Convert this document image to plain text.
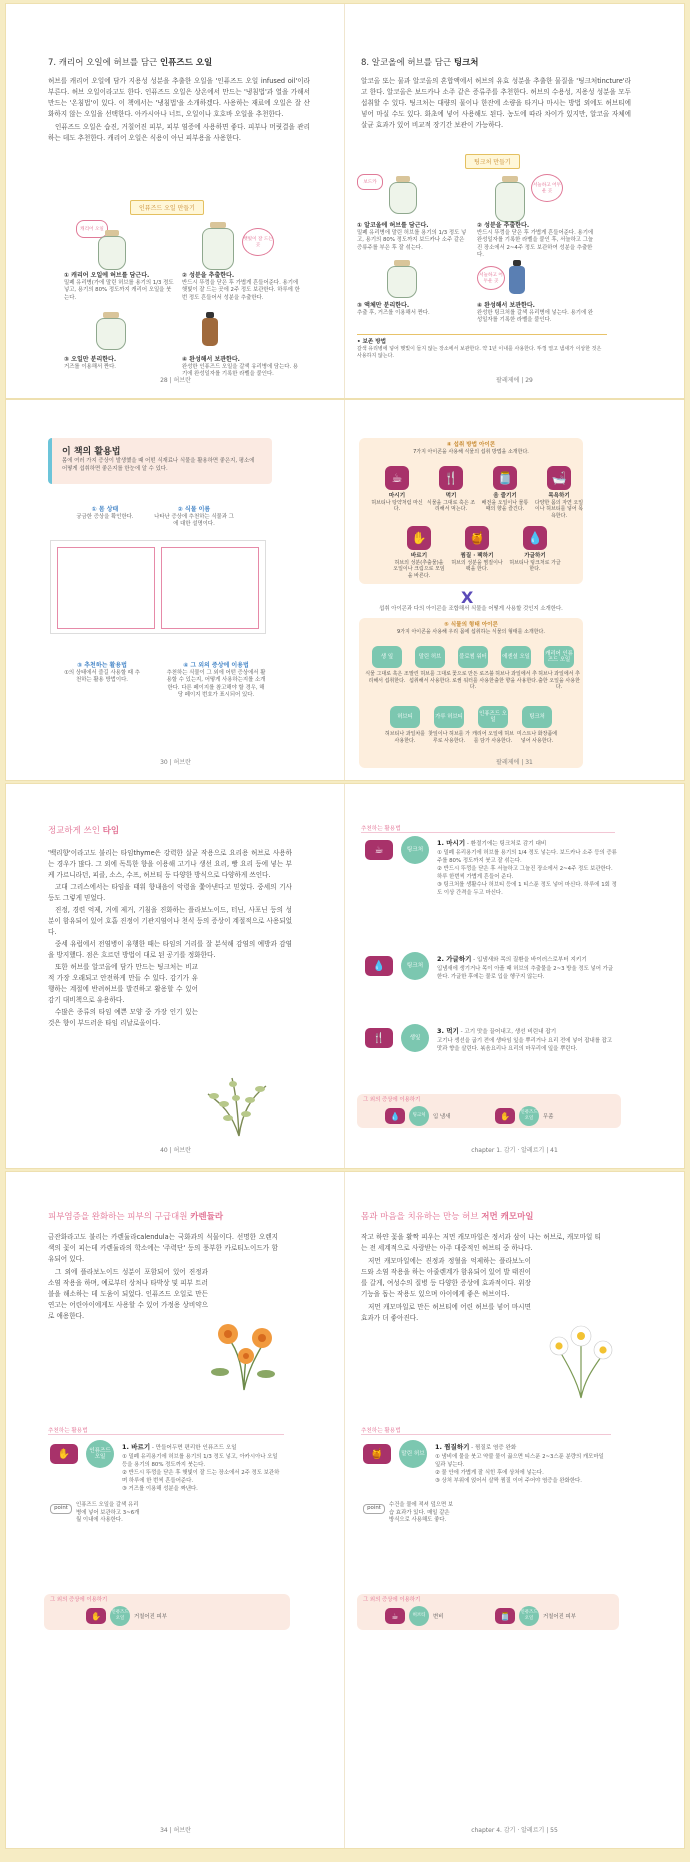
7. 캐리어 오일에 허브를 담근 인퓨즈드 오일

허브를 캐리어 오일에 담가 지용성 성분을 추출한 오일을 '인퓨즈드 오일 infused oil'이라 부른다. 허브 오일이라고도 한다. 인퓨즈드 오일은 상온에서 만드는 '냉침법'과 열을 가해서 만드는 '온침법'이 있다. 이 책에서는 '냉침법'을 소개하겠다. 사용하는 재료에 오일은 잘 산화하지 않는 오일을 선택한다. 아카시아나 너트, 오일이나 호호바 오일을 추천한다.

인퓨즈드 오일은 습진, 거칠어진 피부, 피부 염증에 사용하면 좋다. 피부나 머릿결을 관리하는 데도 추천한다. 캐리어 오일은 식용이 아닌 피부용을 사용한다.

인퓨즈드 오일 만들기
캐리어 오일
햇빛이 잘 드는 곳
① 캐리어 오일에 허브를 담근다.
밀폐 유리병(가에 말린 허브를 용기의 1/3 정도 넣고, 용기의 80% 정도까지 캐리어 오일을 붓는다.
② 성분을 추출한다.
반드시 뚜껑을 닫은 후 가볍게 흔들어준다. 용기에 햇빛이 잘 드는 곳에 2주 정도 보관한다. 하루에 한 번 정도 흔들어서 성분을 추출한다.
③ 오일만 분리한다.
거즈를 이용해서 짠다.
④ 완성해서 보관한다.
완성한 인퓨즈드 오일을 갈색 유리병에 담는다. 용기에 완성일자를 기록한 라벨을 붙인다.
28 | 허브란
8. 알코올에 허브를 담근 팅크처

알코올 또는 물과 알코올의 혼합액에서 허브의 유효 성분을 추출한 물질을 '팅크처tincture'라고 한다. 알코올은 보드카나 소주 같은 증류주를 추천한다. 허브의 수용성, 지용성 성분을 모두 섭취할 수 있다. 팅크처는 대량의 물이나 한잔에 소량을 타거나 마시는 방법 외에도 허브티에 넣어 마실 수도 있다. 화초에 넣어 사용해도 된다. 농도에 따라 차이가 있지만, 알코올 자체에 살균 효과가 있어 비교적 장기간 보관이 가능하다.

팅크처 만들기
보드카
서늘하고 어두운 곳
① 알코올에 허브를 담근다.
밀폐 유리병에 말린 허브를 용기의 1/3 정도 넣고, 용기의 80% 정도까지 보드카나 소주 같은 증류주를 부은 후 잘 섞는다.
② 성분을 추출한다.
반드시 뚜껑을 닫은 후 가볍게 흔들어준다. 용기에 완성일자를 기록한 라벨을 붙인 후, 서늘하고 그늘진 장소에서 2~4주 정도 보관하여 성분을 추출한다.
서늘하고 어두운 곳
③ 액체만 분리한다.
추출 후, 거즈를 이용해서 짠다.
④ 완성해서 보관한다.
완성한 팅크처를 갈색 유리병에 넣는다. 용기에 완성일자를 기록한 라벨을 붙인다.
• 보존 방법
갈색 유리병에 넣어 햇빛이 들지 않는 장소에서 보관한다. 약 1년 이내를 사용한다. 뚜껑 열고 냄새가 이상한 것은 사용하지 않는다.
팔레제에 | 29
이 책의 활용법
몸에 여러 가지 증상이 발생했을 때 어떤 식재료나 식물을 활용하면 좋은지, 평소에 어떻게 섭취하면 좋은지를 한눈에 알 수 있다.
① 몸 상태
궁금한 증상을 확인한다.
② 식물 이름
나타난 증상에 추천하는 식물과 그에 대한 설명이다.
③ 추천하는 활용법
①의 상태에서 즐길 사용할 때 추천하는 활용 방법이다.
④ 그 외의 증상에 이용법
추천하는 식물이 그 외에 어떤 증상에서 활용할 수 있는지, 어떻게 사용하는지를 소개한다. 다른 페이지를 참고해야 할 경우, 해당 페이지 번호가 표시되어 있다.
30 | 허브란
④ 섭취 방법 아이콘
7가지 아이콘을 사용해 식물의 섭취 방법을 소개한다.
X
섭취 아이콘과 다의 아이콘을 조합해서 식물을 어떻게 사용할 것인지 소개한다.
⑤ 식물의 형태 아이콘
9가지 아이콘을 사용해 우리 몸에 섭취하는 식물의 형태를 소개한다.
팔레제에 | 31
☕
마시기
허브티나 탕약처럼 마신다.
🍴
먹기
식물을 그대로 혹은 조리해서 먹는다.
🫙
음 즐기기
배전을 오일이나 물통 때의 향을 즐긴다.
🛁
목욕하기
다양한 몸의 자연 오일이나 허브티를 넣어 목욕한다.
✋
바르기
허브의 성분(추출물)을 오일이나 크림으로 모임을 바른다.
🍯
찜질 · 팩하기
허브의 성분을 찜질이나 팩을 한다.
💧
가글하기
허브티나 팅크처로 가글한다.
생 잎
식물 그대로 혹은 조리해서 섭취한다.
말린 허브
말린 허브를 그대로 섭취해서 사용한다.
블로썸 워터
꽃으로 만든 로즈블로썸 워터를 사용한다.
에센셜 오일
허브나 과일에서 추출한 향을 사용한다.
캐리어 인퓨즈드 오일
허브나 과일에서 추출한 오일을 사용한다.
허브티
허브티나 과일차를 사용한다.
가루 허브티
찻잎이나 허브를 가루로 사용한다.
인퓨즈드 오일
캐리어 오일에 허브를 담가 사용한다.
팅크처
미스트나 화장품에 넣어 사용한다.
정교하게 쓰인 타임

'백리향'이라고도 불리는 타임thyme은 강력한 살균 작용으로 요리용 허브로 사용하는 경우가 많다. 그 외에 독특한 향을 이용해 고기나 생선 요리, 빵 요리 등에 넣는 부케 가르니라던, 피클, 소스, 수프, 허브티 등 다양한 방식으로 다양하게 쓰인다.

고대 그리스에서는 타임을 태워 향내음이 악령을 쫓아낸다고 믿었다. 중세의 기사 등도 그렇게 믿었다.

진정, 경련 억제, 거에 제거, 기침을 진화하는 플라보노이드, 터닌, 사포닌 등의 성분이 함유되어 있어 호흡 진정이 기관지염이나 천식 등의 증상이 계절적으로 사용되었다.

중세 유럽에서 전염병이 유행한 때는 타임의 거리를 잘 분석해 감염의 예방과 감염을 방지했다. 점은 흐르던 방법이 대로 된 공기를 정화한다.

또한 허브를 알코올에 담가 만드는 팅크처는 비교적 가장 오래되고 안전하게 만들 수 있다. 감기가 유행하는 계절에 반려허브를 발견하고 활용할 수 있어 감기 대비책으로 유용하다.

수많은 종류의 타임 예쁜 모양 중 가장 인기 있는 것은 향이 부드러운 타임 리날로올이다.

40 | 허브란
추천하는 활용법
그 외의 증상에 이용하기
chapter 1. 감기 · 알레르기 | 41
☕	팅크처
1. 마시기 - 환절기에는 팅크처로 감기 대비
① 밀폐 유리용기에 허브를 용기의 1/4 정도 넣는다. 보드카나 소주 등의 증류주를 80% 정도까지 붓고 잘 섞는다.
② 반드시 뚜껑을 닫은 후 서늘하고 그늘진 장소에서 2~4주 정도 보관한다. 하루 한번씩 가볍게 흔들어 준다.
③ 팅크처를 생활수나 허브티 등에 1 티스푼 정도 넣어 마신다. 하루에 1회 정도 이상 간격을 두고 마신다.
💧	팅크처
2. 가글하기 - 입냄새와 목의 질환을 바이러스로부터 지키기
입냄새에 생기거나 목이 아플 때 허브의 추출물을 2~3 방울 정도 넣어 가글한다. 가글한 후에는 물로 입을 헹구지 않는다.
🍴	생잎
3. 먹기 - 고기 맛을 끌어내고, 생선 비린내 잡기
고기나 생선을 굽기 전에 생타임 잎을 뿌리거나 요리 전에 넣어 잡내를 잡고 맛과 향을 살린다. 볶음요리나 요리의 마무리에 잎을 뿌린다.
💧	팅크처	입 냄새	✋	인퓨즈드 오일	무좀
피부염증을 완화하는 피부의 구급대원 카렌듈라

금잔화라고도 불리는 카렌듈라calendula는 국화과의 식물이다. 선명한 오렌지색의 꽃이 피는데 카렌듈라의 학소에는 '주력단' 등의 풍부한 카로티노이드가 함유되어 있다.

그 외에 플라보노이드 성분이 포함되어 있어 진정과 소염 작용을 하며, 예로부터 상처나 타박상 및 피부 트러블을 해소하는 데 도움이 되었다. 인퓨즈드 오일로 만든 연고는 어린아이에게도 사용할 수 있어 가정용 상비약으로 애용한다.

추천하는 활용법
point	인퓨즈드 오일을 갈색 유리병에 넣어 보관하고 3~6개월 이내에 사용한다.
그 외의 증상에 이용하기
34 | 허브란
✋	인퓨즈드 오일
1. 바르기 - 만들어두면 편리한 인퓨즈드 오일
① 밀폐 유리용기에 허브를 용기의 1/3 정도 넣고, 아카시아나 오일 등을 용기의 80% 정도까지 붓는다.
② 반드시 뚜껑을 닫은 후 햇빛이 잘 드는 장소에서 2주 정도 보관하며 하루에 한 번씩 흔들어준다.
③ 거즈를 이용해 성분을 짜낸다.
✋	인퓨즈드 오일	거칠어진 피부
몸과 마음을 치유하는 만능 허브 저먼 캐모마일

작고 하얀 꽃을 활짝 피우는 저먼 캐모마일은 정서과 삼이 나는 허브로, 캐모마일 티는 전 세계적으로 사랑받는 아주 대중적인 허브티 중 하나다.

저먼 캐모마일에는 진정과 정혈을 억제하는 플라보노이드와 소염 작용을 하는 아줄렌계가 함유되어 있어 발 태진이를 갈게, 여성수의 질병 등 다양한 증상에 효과적이다. 위장 기능을 돕는 작용도 있으며 아이에게 좋은 허브이다.

저먼 캐모마일로 만든 허브티에 어린 허브를 넣어 마시면 효과가 더 좋아진다.

추천하는 활용법
point	수건을 물에 적셔 덮으면 보습 효과가 있다. 매일 같은 방식으로 사용해도 좋다.
그 외의 증상에 이용하기
chapter 4. 감기 · 알레르기 | 55
🍯	말린 허브
1. 찜질하기 - 찜질로 염증 완화
① 냄비에 물을 붓고 약불 물이 끓으면 티스푼 2~3스푼 분량의 캐모마일 잎과 넣는다.
② 물 안에 가볍게 잘 식힌 후에 상처에 넣는다.
③ 상처 부위에 얹어서 살짝 찜질 이어 주어야 염증을 완화한다.
☕	허브티	변비	🫙	인퓨즈드 오일	거칠어진 피부
